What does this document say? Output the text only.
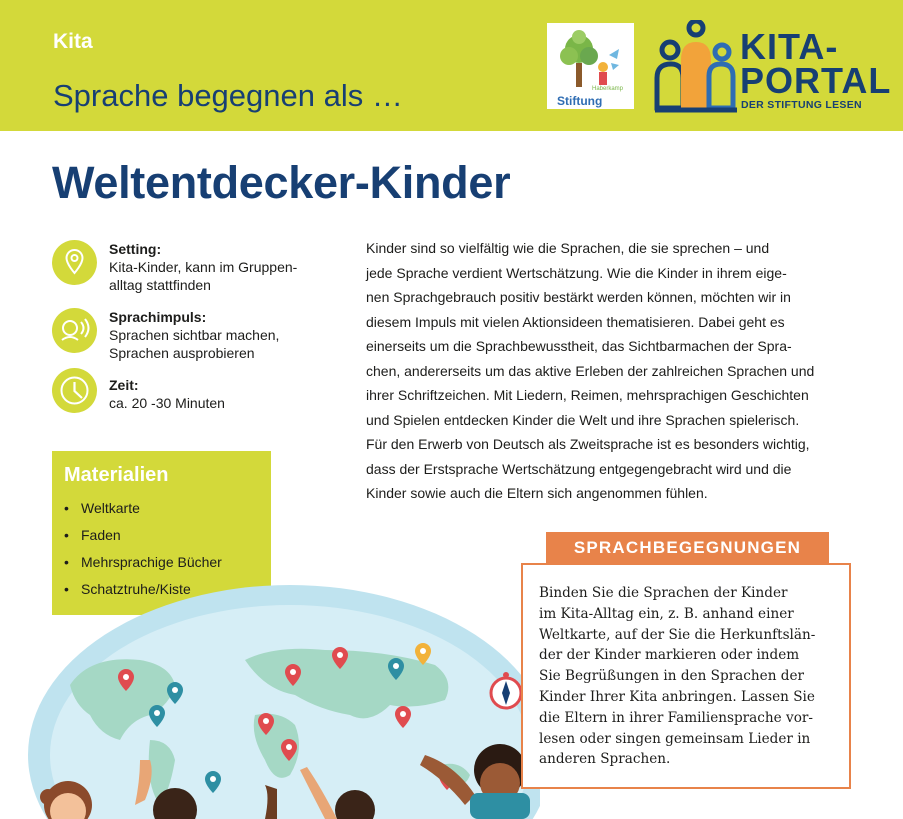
Kita
Sprache begegnen als …	Haberkamp
Stiftung
KITA-
PORTAL
DER STIFTUNG LESEN
Weltentdecker-Kinder
Setting:
Kita-Kinder, kann im Gruppen-
alltag stattfinden
Sprachimpuls:
Sprachen sichtbar machen,
Sprachen ausprobieren
Zeit:
ca. 20 -30 Minuten
Materialien
• Weltkarte
• Faden
• Mehrsprachige Bücher
• Schatztruhe/Kiste
Kinder sind so vielfältig wie die Sprachen, die sie sprechen – und
jede Sprache verdient Wertschätzung. Wie die Kinder in ihrem eige-
nen Sprachgebrauch positiv bestärkt werden können, möchten wir in
diesem Impuls mit vielen Aktionsideen thematisieren. Dabei geht es
einerseits um die Sprachbewusstheit, das Sichtbarmachen der Spra-
chen, andererseits um das aktive Erleben der zahlreichen Sprachen und
ihrer Schriftzeichen. Mit Liedern, Reimen, mehrsprachigen Geschichten
und Spielen entdecken Kinder die Welt und ihre Sprachen spielerisch.
Für den Erwerb von Deutsch als Zweitsprache ist es besonders wichtig,
dass der Erstsprache Wertschätzung entgegengebracht wird und die
Kinder sowie auch die Eltern sich angenommen fühlen.
SPRACHBEGEGNUNGEN
Binden Sie die Sprachen der Kinder
im Kita-Alltag ein, z. B. anhand einer
Weltkarte, auf der Sie die Herkunftslän-
der der Kinder markieren oder indem
Sie Begrüßungen in den Sprachen der
Kinder Ihrer Kita anbringen. Lassen Sie
die Eltern in ihrer Familiensprache vor-
lesen oder singen gemeinsam Lieder in
anderen Sprachen.
